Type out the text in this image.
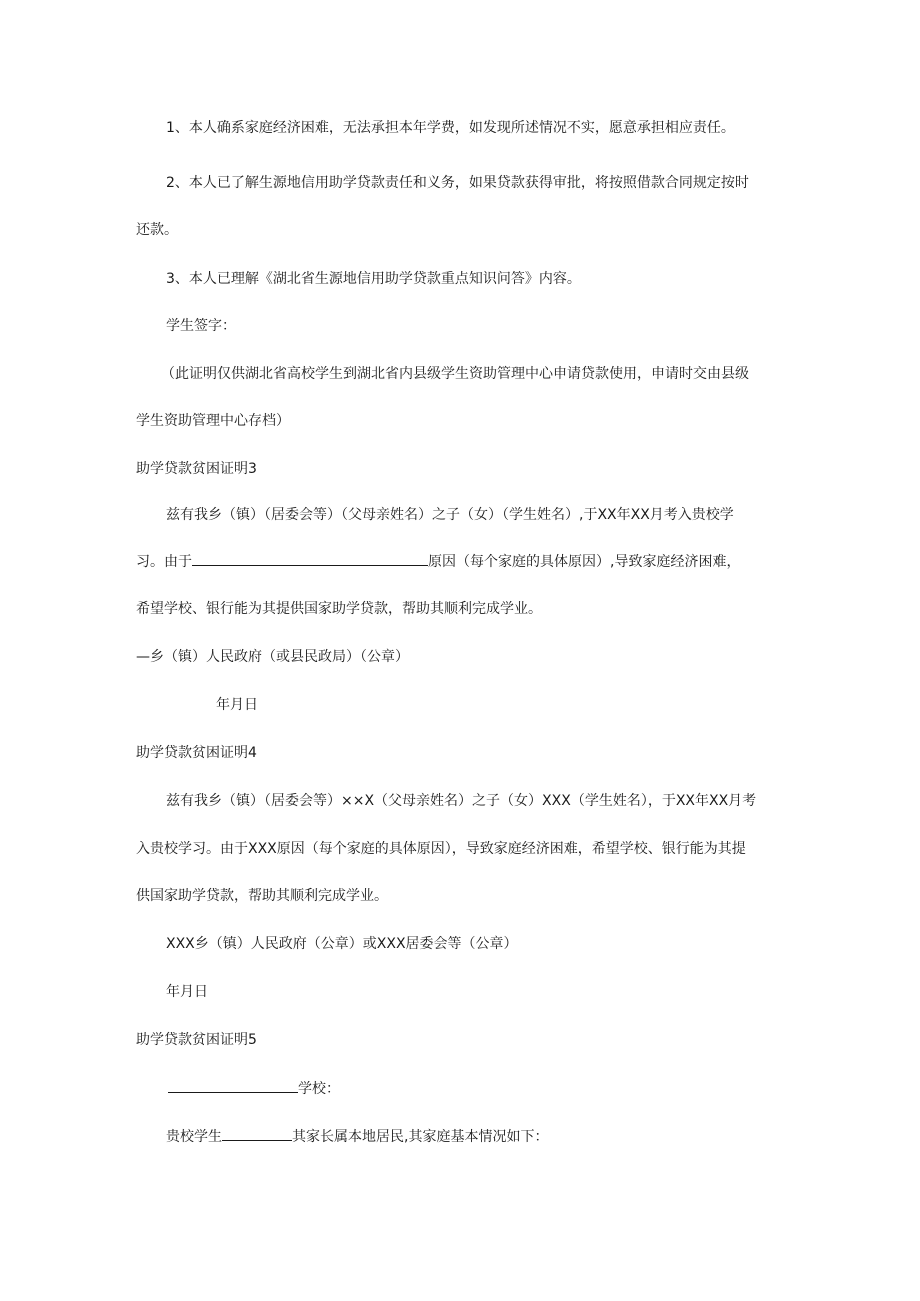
1、本人确系家庭经济困难，无法承担本年学费，如发现所述情况不实，愿意承担相应责任。
2、本人已了解生源地信用助学贷款责任和义务，如果贷款获得审批，将按照借款合同规定按时
还款。
3、本人已理解《湖北省生源地信用助学贷款重点知识问答》内容。
学生签字：
（此证明仅供湖北省高校学生到湖北省内县级学生资助管理中心申请贷款使用，申请时交由县级
学生资助管理中心存档）
助学贷款贫困证明3
兹有我乡（镇）（居委会等）（父母亲姓名）之子（女）（学生姓名）,于XX年XX月考入贵校学
习。由于	原因（每个家庭的具体原因）,导致家庭经济困难，
希望学校、银行能为其提供国家助学贷款，帮助其顺利完成学业。
—乡（镇）人民政府（或县民政局）（公章）
年月日
助学贷款贫困证明4
兹有我乡（镇）（居委会等）××X（父母亲姓名）之子（女）XXX（学生姓名），于XX年XX月考
入贵校学习。由于XXX原因（每个家庭的具体原因），导致家庭经济困难，希望学校、银行能为其提
供国家助学贷款，帮助其顺利完成学业。
XXX乡（镇）人民政府（公章）或XXX居委会等（公章）
年月日
助学贷款贫困证明5
学校：
贵校学生	其家长属本地居民,其家庭基本情况如下：
